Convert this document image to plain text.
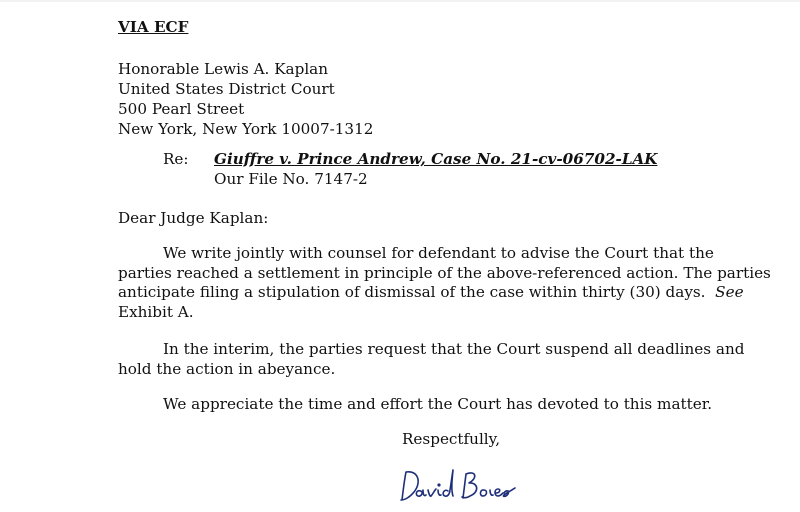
VIA ECF
Honorable Lewis A. Kaplan
United States District Court
500 Pearl Street
New York, New York 10007-1312
Re: Giuffre v. Prince Andrew, Case No. 21-cv-06702-LAK
Our File No. 7147-2
Dear Judge Kaplan:
We write jointly with counsel for defendant to advise the Court that the
parties reached a settlement in principle of the above-referenced action. The parties
anticipate filing a stipulation of dismissal of the case within thirty (30) days.  See
Exhibit A.
In the interim, the parties request that the Court suspend all deadlines and
hold the action in abeyance.
We appreciate the time and effort the Court has devoted to this matter.
Respectfully,
